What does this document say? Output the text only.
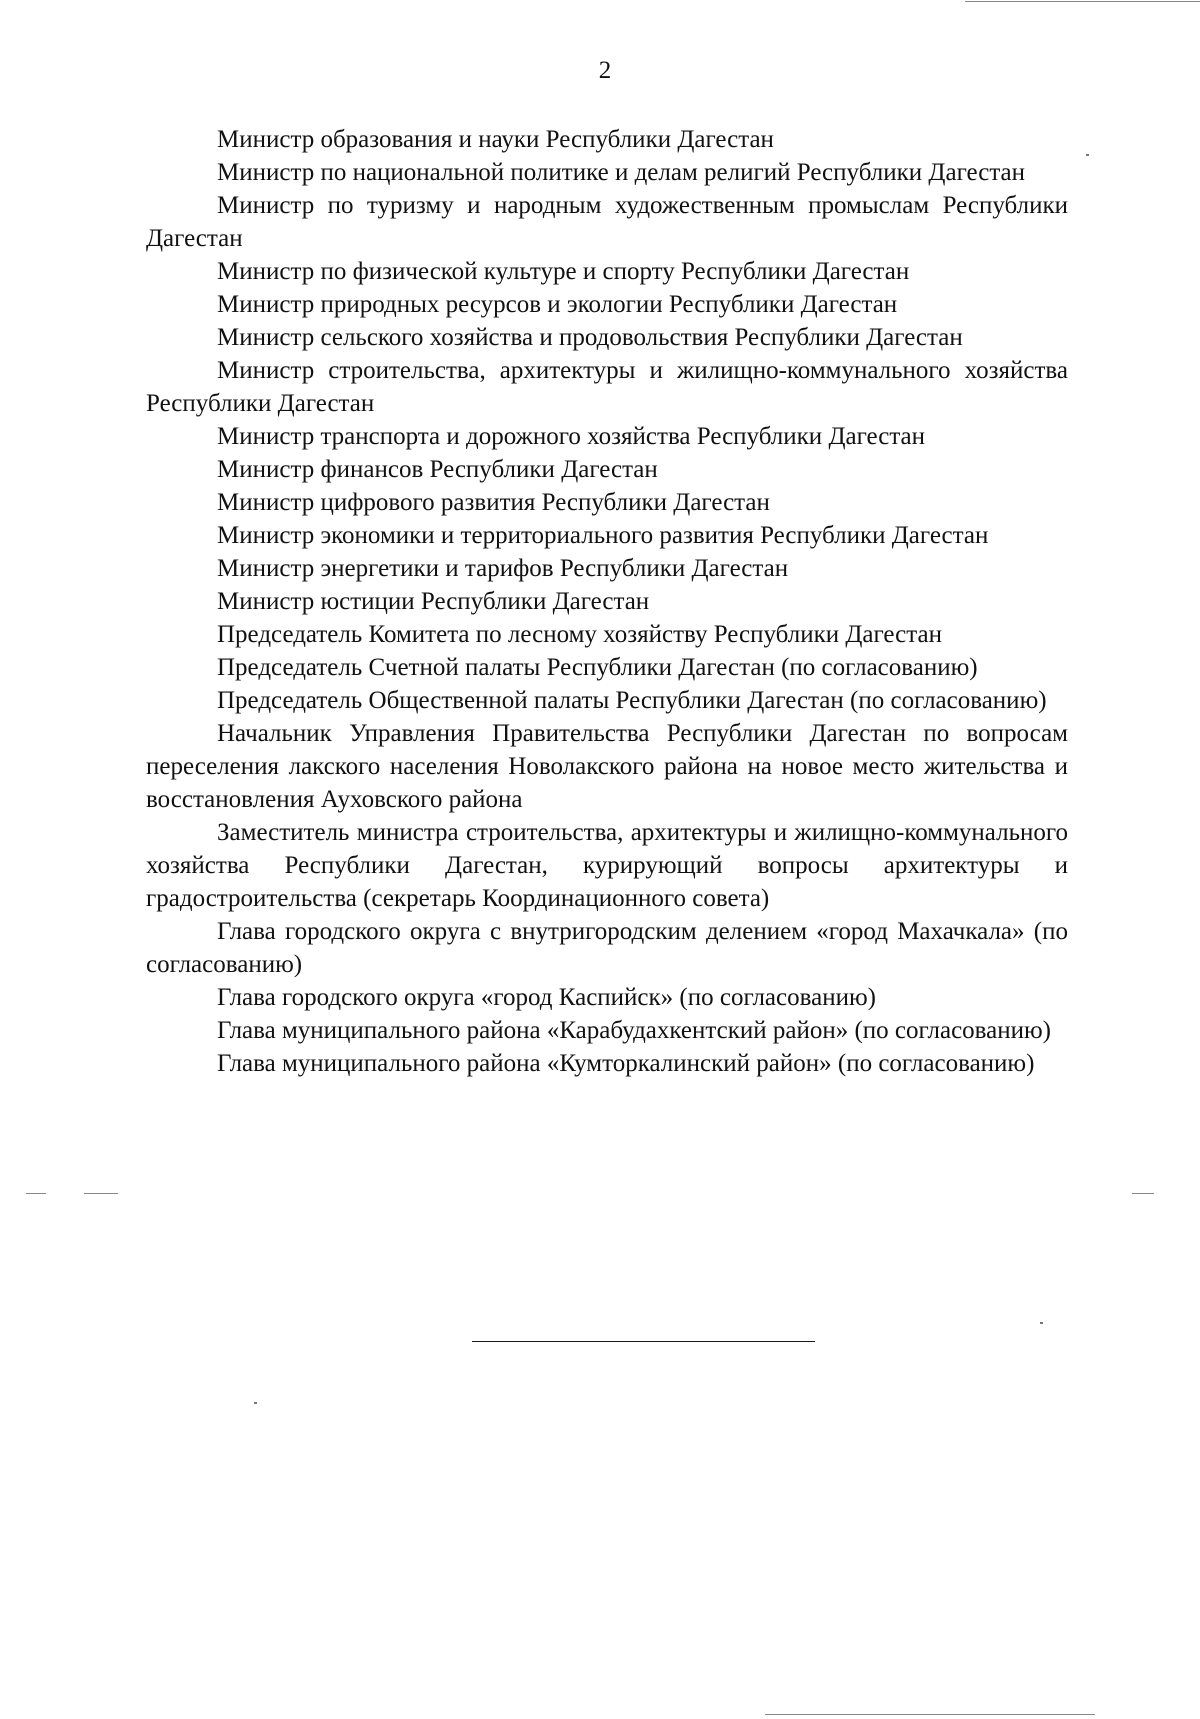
2

Министр образования и науки Республики Дагестан

Министр по национальной политике и делам религий Республики Дагестан

Министр по туризму и народным художественным промыслам Республики Дагестан

Министр по физической культуре и спорту Республики Дагестан

Министр природных ресурсов и экологии Республики Дагестан

Министр сельского хозяйства и продовольствия Республики Дагестан

Министр строительства, архитектуры и жилищно-коммунального хозяйства Республики Дагестан

Министр транспорта и дорожного хозяйства Республики Дагестан

Министр финансов Республики Дагестан

Министр цифрового развития Республики Дагестан

Министр экономики и территориального развития Республики Дагестан

Министр энергетики и тарифов Республики Дагестан

Министр юстиции Республики Дагестан

Председатель Комитета по лесному хозяйству Республики Дагестан

Председатель Счетной палаты Республики Дагестан (по согласованию)

Председатель Общественной палаты Республики Дагестан (по согласованию)

Начальник Управления Правительства Республики Дагестан по вопросам переселения лакского населения Новолакского района на новое место жительства и восстановления Ауховского района

Заместитель министра строительства, архитектуры и жилищно-коммунального хозяйства Республики Дагестан, курирующий вопросы архитектуры и градостроительства (секретарь Координационного совета)

Глава городского округа с внутригородским делением «город Махачкала» (по согласованию)

Глава городского округа «город Каспийск» (по согласованию)

Глава муниципального района «Карабудахкентский район» (по согласованию)

Глава муниципального района «Кумторкалинский район» (по согласованию)
